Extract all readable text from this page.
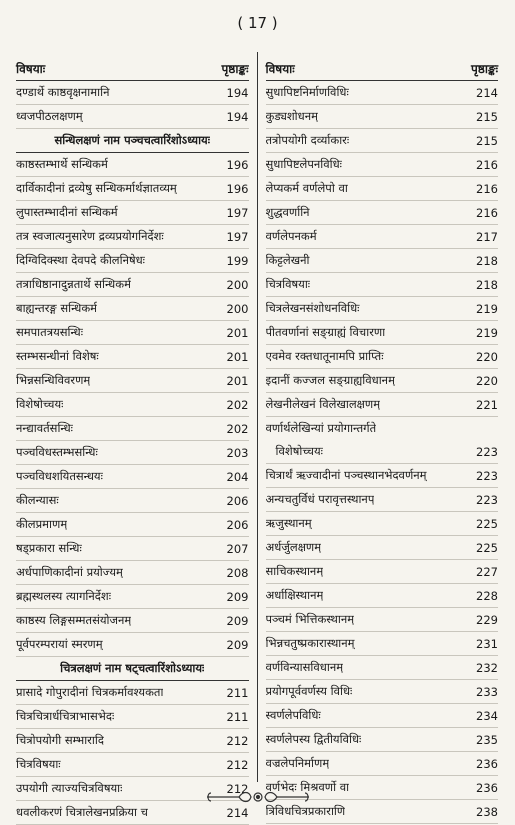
( 17 )
विषयाः	पृष्ठाङ्कः
दण्डार्थे काष्ठवृक्षनामानि	194
ध्वजपीठलक्षणम्	194
सन्धिलक्षणं नाम पञ्चचत्वारिंशोऽध्यायः
काष्ठस्तम्भार्थे सन्धिकर्म	196
दार्विकादीनां द्रव्येषु सन्धिकर्मार्थज्ञातव्यम्	196
लुपास्तम्भादीनां सन्धिकर्म	197
तत्र स्वजात्यनुसारेण द्रव्यप्रयोगनिर्देशः	197
दिग्विदिक्स्था देवपदे कीलनिषेधः	199
तत्राधिष्ठानादुन्नतार्थे सन्धिकर्म	200
बाह्यन्तरङ्ग सन्धिकर्म	200
समपातत्रयसन्धिः	201
स्तम्भसन्धीनां विशेषः	201
भिन्नसन्धिविवरणम्	201
विशेषोच्चयः	202
नन्द्यावर्तसन्धिः	202
पञ्चविधस्तम्भसन्धिः	203
पञ्चविधशयितसन्धयः	204
कीलन्यासः	206
कीलप्रमाणम्	206
षड्प्रकारा सन्धिः	207
अर्धपाणिकादीनां प्रयोज्यम्	208
ब्रह्मस्थलस्य त्यागनिर्देशः	209
काष्ठस्य लिङ्गसम्मतसंयोजनम्	209
पूर्वपरम्परायां स्मरणम्	209
चित्रलक्षणं नाम षट्चत्वारिंशोऽध्यायः
प्रासादे गोपुरादीनां चित्रकर्मावश्यकता	211
चित्रचित्रार्धचित्राभासभेदः	211
चित्रोपयोगी सम्भारादि	212
चित्रविषयाः	212
उपयोगी त्याज्यचित्रविषयाः	212
धवलीकरणं चित्रालेखनप्रक्रिया च	214
विषयाः	पृष्ठाङ्कः
सुधापिष्टनिर्माणविधिः	214
कुड्यशोधनम्	215
तत्रोपयोगी दर्व्याकारः	215
सुधापिष्टलेपनविधिः	216
लेप्यकर्म वर्णलेपो वा	216
शुद्धवर्णानि	216
वर्णलेपनकर्म	217
किट्टलेखनी	218
चित्रविषयाः	218
चित्रलेखनसंशोधनविधिः	219
पीतवर्णानां सङ्ग्राह्यं विचारणा	219
एवमेव रक्तधातूनामपि प्राप्तिः	220
इदानीं कज्जल सङ्ग्राह्यविधानम्	220
लेखनीलेखनं विलेखालक्षणम्	221
वर्णार्थलेखिन्यां प्रयोगान्तर्गते
विशेषोच्चयः	223
चित्रार्थं ऋज्वादीनां पञ्चस्थानभेदवर्णनम्	223
अन्यचतुर्विधं परावृत्तस्थानप्	223
ऋजुस्थानम्	225
अर्धर्जुलक्षणम्	225
साचिकस्थानम्	227
अर्धाक्षिस्थानम्	228
पञ्चमं भित्तिकस्थानम्	229
भिन्नचतुष्प्रकारास्थानम्	231
वर्णविन्यासविधानम्	232
प्रयोगपूर्ववर्णस्य विधिः	233
स्वर्णलेपविधिः	234
स्वर्णलेपस्य द्वितीयविधिः	235
वज्रलेपनिर्माणम्	236
वर्णभेदः मिश्रवर्णो वा	236
त्रिविधचित्रप्रकाराणि	238
